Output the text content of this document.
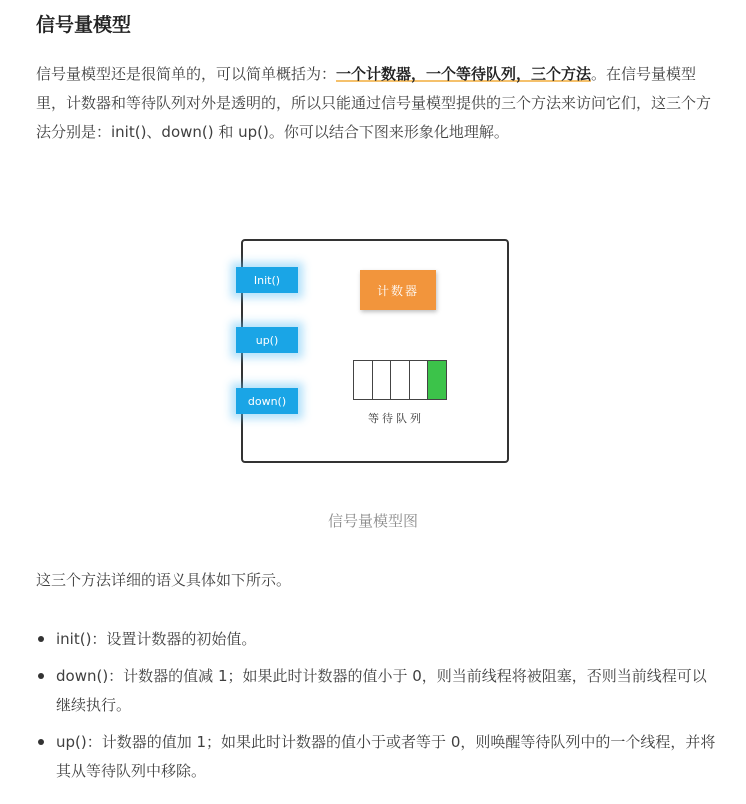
信号量模型

信号量模型还是很简单的，可以简单概括为：一个计数器，一个等待队列，三个方法。在信号量模型里，计数器和等待队列对外是透明的，所以只能通过信号量模型提供的三个方法来访问它们，这三个方法分别是：init()、down() 和 up()。你可以结合下图来形象化地理解。

Init()
up()
down()
计数器
等待队列

信号量模型图

这三个方法详细的语义具体如下所示。

init()：设置计数器的初始值。
down()：计数器的值减 1；如果此时计数器的值小于 0，则当前线程将被阻塞，否则当前线程可以继续执行。
up()：计数器的值加 1；如果此时计数器的值小于或者等于 0，则唤醒等待队列中的一个线程，并将其从等待队列中移除。
